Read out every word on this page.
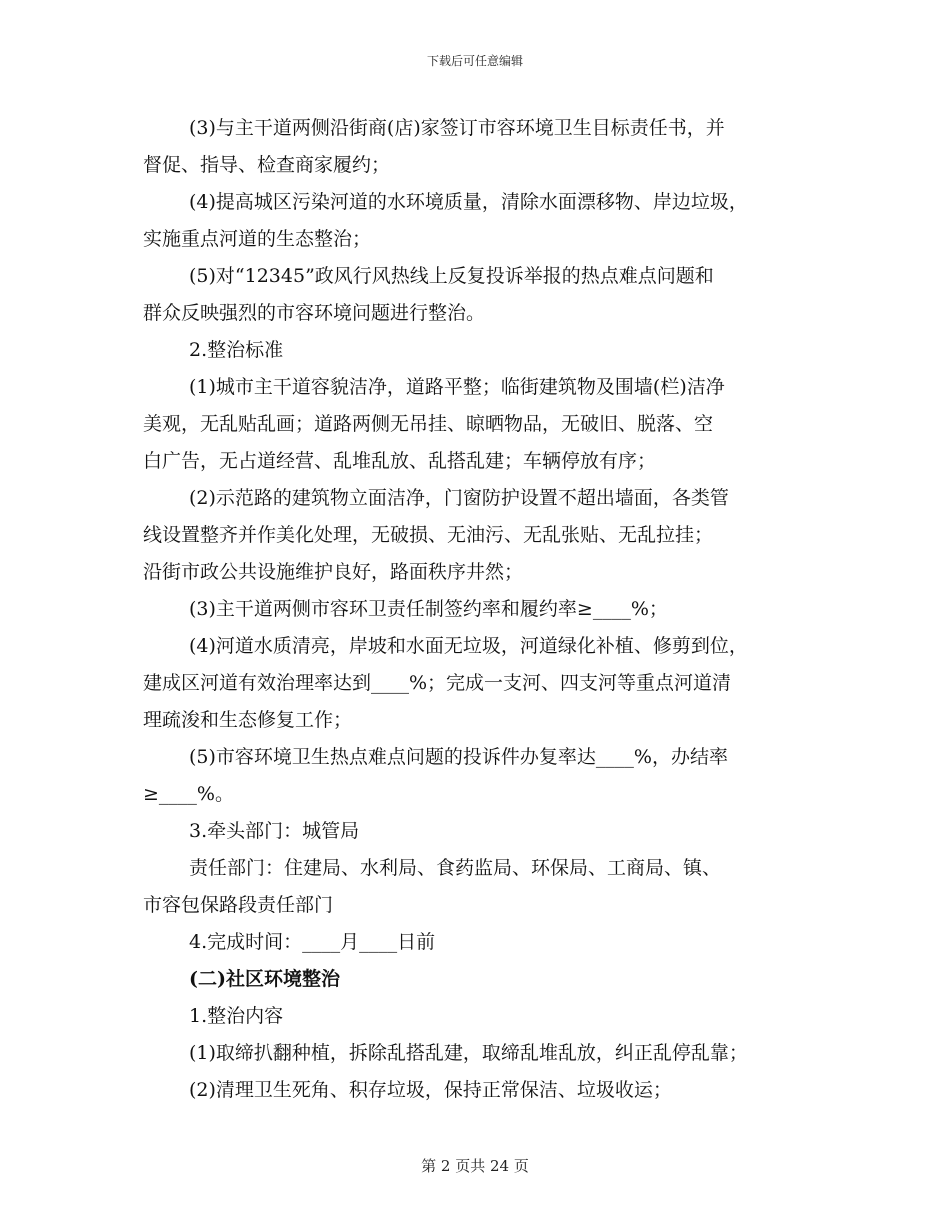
下载后可任意编辑
(3)与主干道两侧沿街商(店)家签订市容环境卫生目标责任书，并
督促、指导、检查商家履约；
(4)提高城区污染河道的水环境质量，清除水面漂移物、岸边垃圾，
实施重点河道的生态整治；
(5)对“12345”政风行风热线上反复投诉举报的热点难点问题和
群众反映强烈的市容环境问题进行整治。
2.整治标准
(1)城市主干道容貌洁净，道路平整；临街建筑物及围墙(栏)洁净
美观，无乱贴乱画；道路两侧无吊挂、晾晒物品，无破旧、脱落、空
白广告，无占道经营、乱堆乱放、乱搭乱建；车辆停放有序；
(2)示范路的建筑物立面洁净，门窗防护设置不超出墙面，各类管
线设置整齐并作美化处理，无破损、无油污、无乱张贴、无乱拉挂；
沿街市政公共设施维护良好，路面秩序井然；
(3)主干道两侧市容环卫责任制签约率和履约率≥____%；
(4)河道水质清亮，岸坡和水面无垃圾，河道绿化补植、修剪到位，
建成区河道有效治理率达到____%；完成一支河、四支河等重点河道清
理疏浚和生态修复工作；
(5)市容环境卫生热点难点问题的投诉件办复率达____%，办结率
≥____%。
3.牵头部门：城管局
责任部门：住建局、水利局、食药监局、环保局、工商局、镇、
市容包保路段责任部门
4.完成时间：____月____日前
(二)社区环境整治
1.整治内容
(1)取缔扒翻种植，拆除乱搭乱建，取缔乱堆乱放，纠正乱停乱靠；
(2)清理卫生死角、积存垃圾，保持正常保洁、垃圾收运；
第 2 页共 24 页
